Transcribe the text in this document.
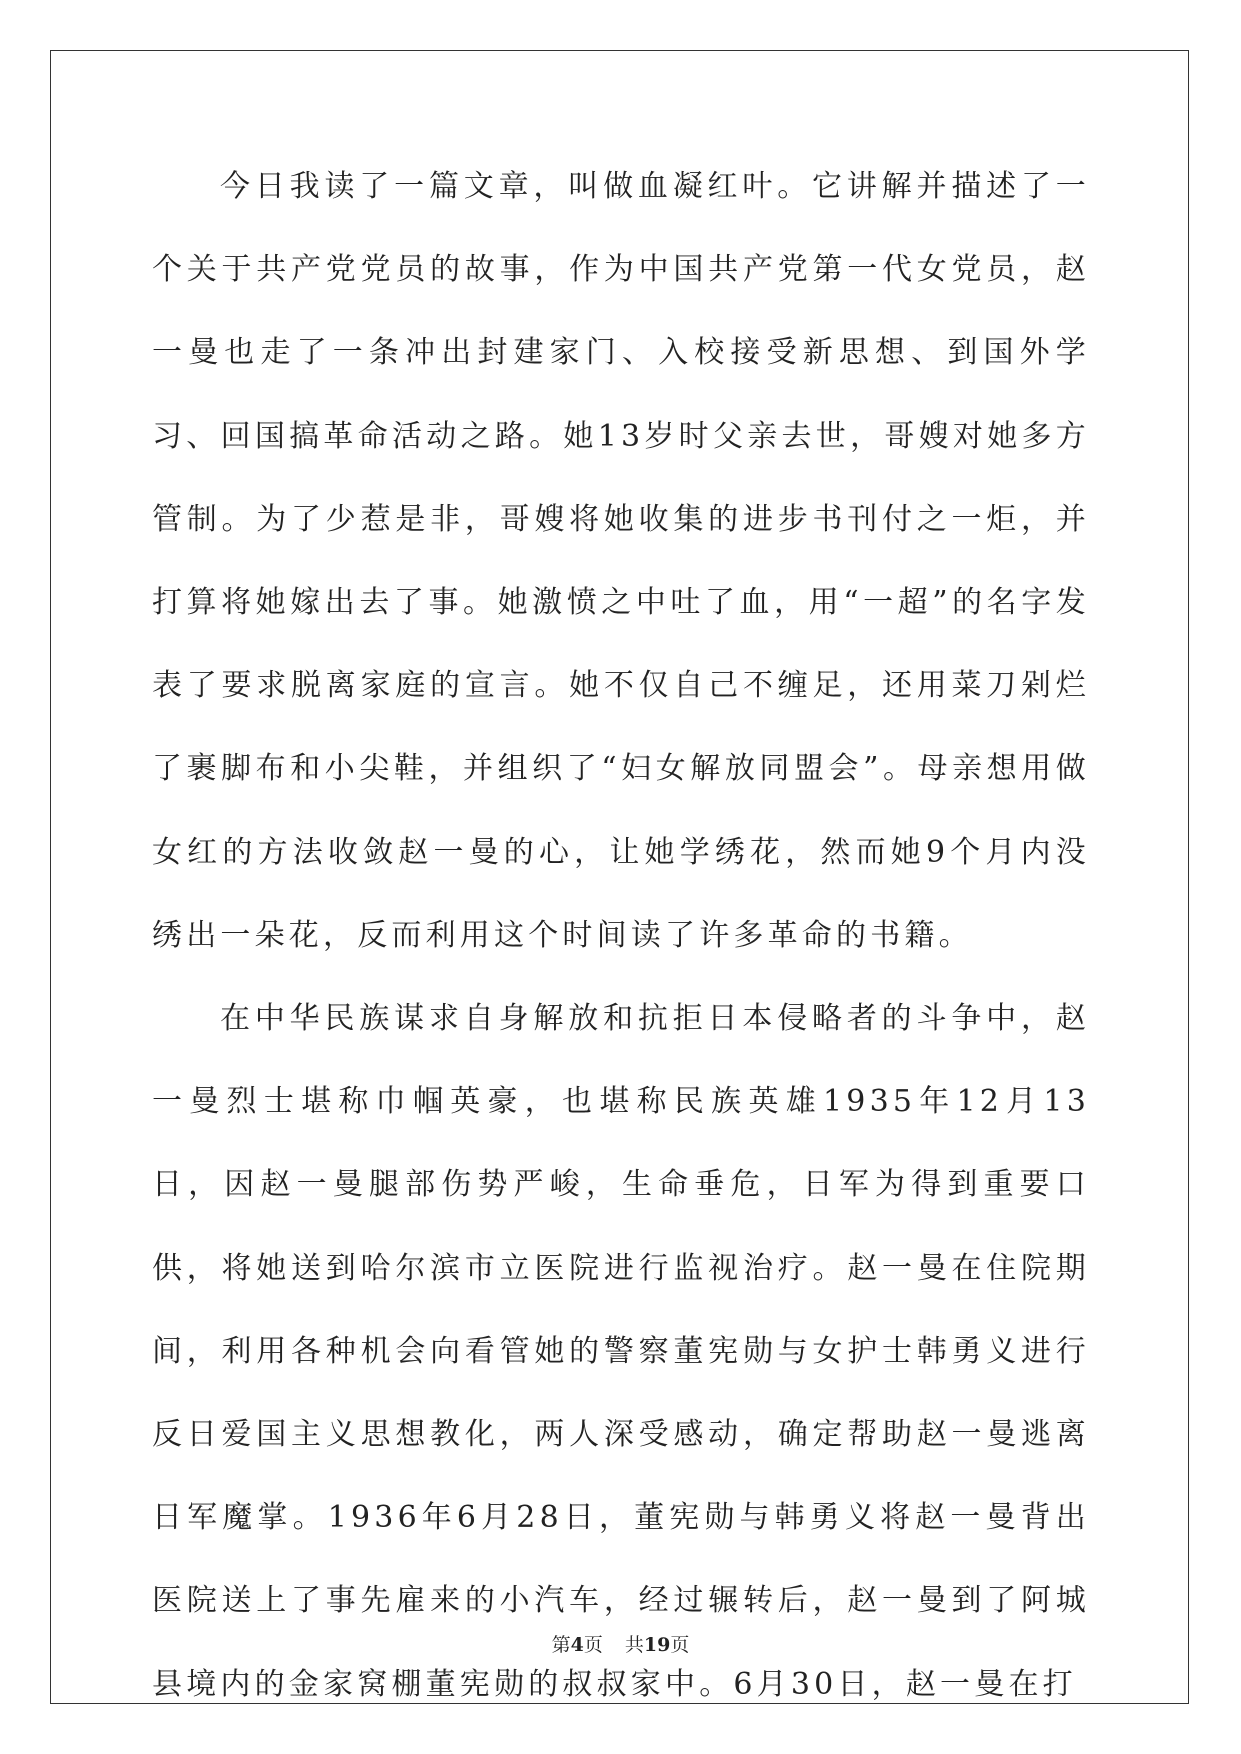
今日我读了一篇文章，叫做血凝红叶。它讲解并描述了一个关于共产党党员的故事，作为中国共产党第一代女党员，赵一曼也走了一条冲出封建家门、入校接受新思想、到国外学习、回国搞革命活动之路。她13岁时父亲去世，哥嫂对她多方管制。为了少惹是非，哥嫂将她收集的进步书刊付之一炬，并打算将她嫁出去了事。她激愤之中吐了血，用“一超”的名字发表了要求脱离家庭的宣言。她不仅自己不缠足，还用菜刀剁烂了裹脚布和小尖鞋，并组织了“妇女解放同盟会”。母亲想用做女红的方法收敛赵一曼的心，让她学绣花，然而她9个月内没绣出一朵花，反而利用这个时间读了许多革命的书籍。

在中华民族谋求自身解放和抗拒日本侵略者的斗争中，赵一曼烈士堪称巾帼英豪，也堪称民族英雄1935年12月13日，因赵一曼腿部伤势严峻，生命垂危，日军为得到重要口供，将她送到哈尔滨市立医院进行监视治疗。赵一曼在住院期间，利用各种机会向看管她的警察董宪勋与女护士韩勇义进行反日爱国主义思想教化，两人深受感动，确定帮助赵一曼逃离日军魔掌。1936年6月28日，董宪勋与韩勇义将赵一曼背出医院送上了事先雇来的小汽车，经过辗转后，赵一曼到了阿城县境内的金家窝棚董宪勋的叔叔家中。6月30日，赵一曼在打

第4页 共19页
